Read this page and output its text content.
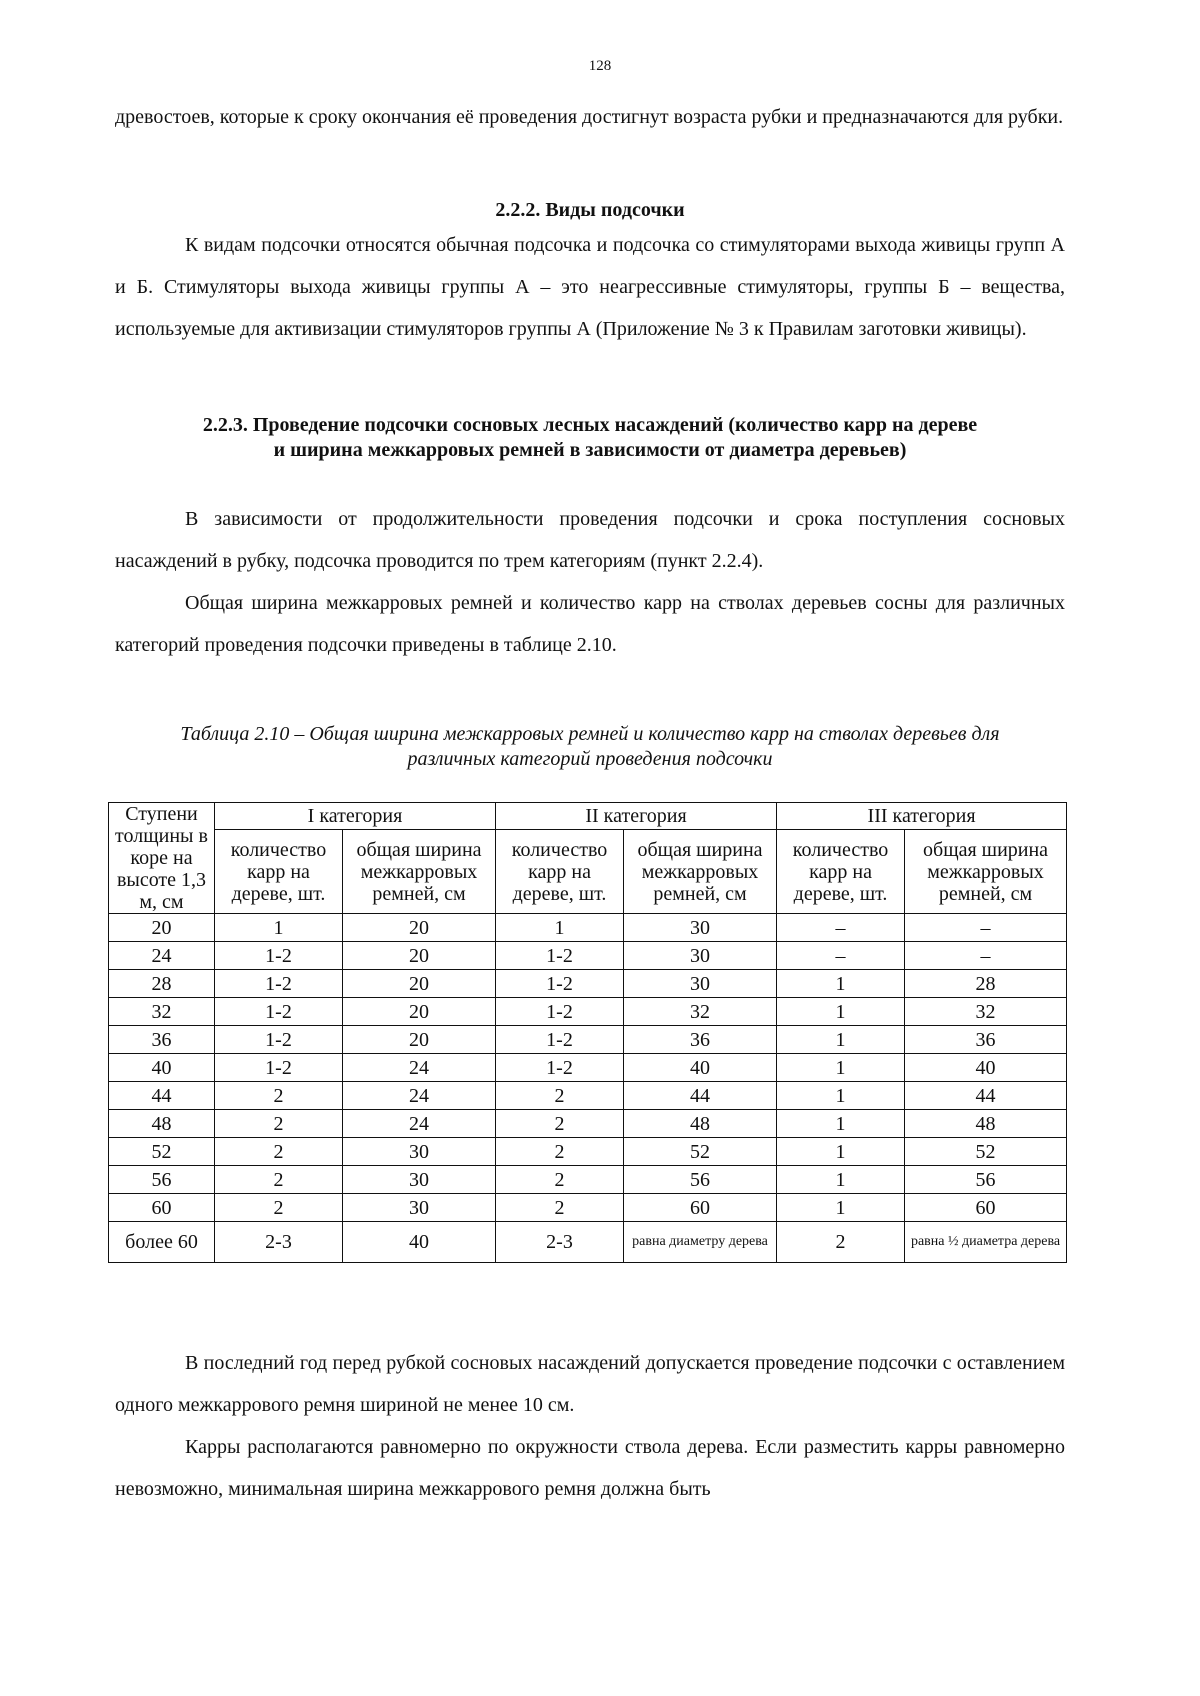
128

древостоев, которые к сроку окончания её проведения достигнут возраста рубки и предназначаются для рубки.

2.2.2. Виды подсочки

К видам подсочки относятся обычная подсочка и подсочка со стимуляторами выхода живицы групп А и Б. Стимуляторы выхода живицы группы А – это неагрессивные стимуляторы, группы Б – вещества, используемые для активизации стимуляторов группы А (Приложение № 3 к Правилам заготовки живицы).

2.2.3. Проведение подсочки сосновых лесных насаждений (количество карр на дереве и ширина межкарровых ремней в зависимости от диаметра деревьев)

В зависимости от продолжительности проведения подсочки и срока поступления сосновых насаждений в рубку, подсочка проводится по трем категориям (пункт 2.2.4).

Общая ширина межкарровых ремней и количество карр на стволах деревьев сосны для различных категорий проведения подсочки приведены в таблице 2.10.

Таблица 2.10 – Общая ширина межкарровых ремней и количество карр на стволах деревьев для различных категорий проведения подсочки
Ступени толщины в коре на высоте 1,3 м, см	I категория		II категория		III категория	
	количество карр на дереве, шт.	общая ширина межкарровых ремней, см	количество карр на дереве, шт.	общая ширина межкарровых ремней, см	количество карр на дереве, шт.	общая ширина межкарровых ремней, см
20	1	20	1	30	–	–
24	1-2	20	1-2	30	–	–
28	1-2	20	1-2	30	1	28
32	1-2	20	1-2	32	1	32
36	1-2	20	1-2	36	1	36
40	1-2	24	1-2	40	1	40
44	2	24	2	44	1	44
48	2	24	2	48	1	48
52	2	30	2	52	1	52
56	2	30	2	56	1	56
60	2	30	2	60	1	60
более 60	2-3	40	2-3	равна диаметру дерева	2	равна ½ диаметра дерева

В последний год перед рубкой сосновых насаждений допускается проведение подсочки с оставлением одного межкаррового ремня шириной не менее 10 см.

Карры располагаются равномерно по окружности ствола дерева. Если разместить карры равномерно невозможно, минимальная ширина межкаррового ремня должна быть
